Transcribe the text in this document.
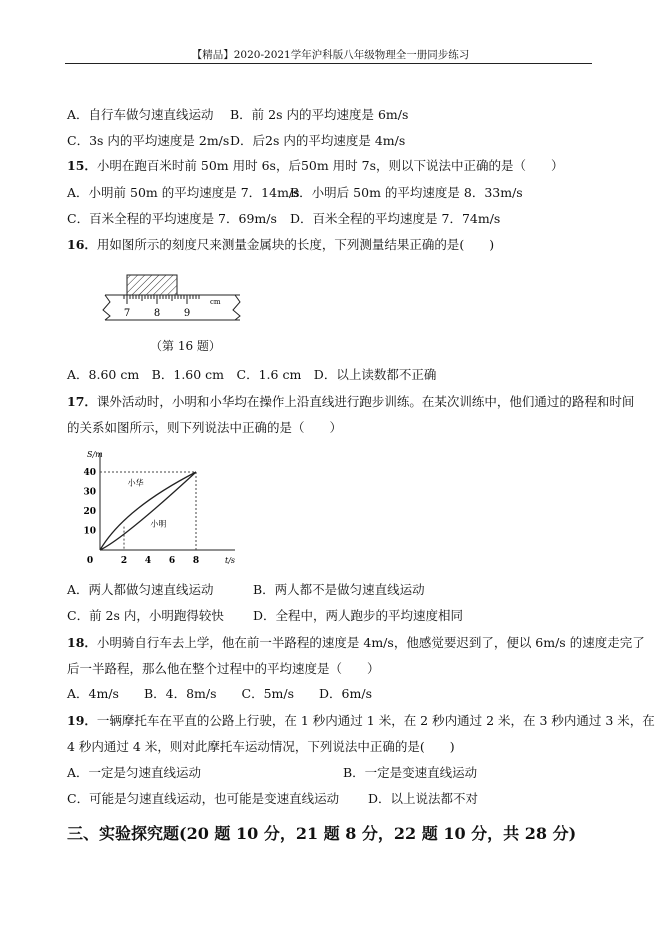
【精品】2020-2021学年沪科版八年级物理全一册同步练习
A．自行车做匀速直线运动 B．前 2s 内的平均速度是 6m/s
C．3s 内的平均速度是 2m/s D．后2s 内的平均速度是 4m/s
15．小明在跑百米时前 50m 用时 6s，后50m 用时 7s，则以下说法中正确的是（　　）
A．小明前 50m 的平均速度是 7．14m/s
B．小明后 50m 的平均速度是 8．33m/s
C．百米全程的平均速度是 7．69m/s D．百米全程的平均速度是 7．74m/s
16．用如图所示的刻度尺来测量金属块的长度，下列测量结果正确的是(　　)
7 8 9
cm
（第 16 题）
A．8.60 cm　B．1.60 cm　C．1.6 cm　D．以上读数都不正确
17．课外活动时，小明和小华均在操作上沿直线进行跑步训练。在某次训练中，他们通过的路程和时间
的关系如图所示，则下列说法中正确的是（　　）
S/m
t/s
10
20
30
40
0	2 4 6 8
小华
小明
A．两人都做匀速直线运动	B．两人都不是做匀速直线运动
C．前 2s 内，小明跑得较快 D．全程中，两人跑步的平均速度相同
18．小明骑自行车去上学，他在前一半路程的速度是 4m/s，他感觉要迟到了，便以 6m/s 的速度走完了
后一半路程，那么他在整个过程中的平均速度是（　　）
A．4m/s　　B．4．8m/s　　C．5m/s　　D．6m/s
19．一辆摩托车在平直的公路上行驶，在 1 秒内通过 1 米，在 2 秒内通过 2 米，在 3 秒内通过 3 米，在
4 秒内通过 4 米，则对此摩托车运动情况，下列说法中正确的是(　　)
A．一定是匀速直线运动	B．一定是变速直线运动
C．可能是匀速直线运动，也可能是变速直线运动 D．以上说法都不对
三、实验探究题(20 题 10 分，21 题 8 分，22 题 10 分，共 28 分)
